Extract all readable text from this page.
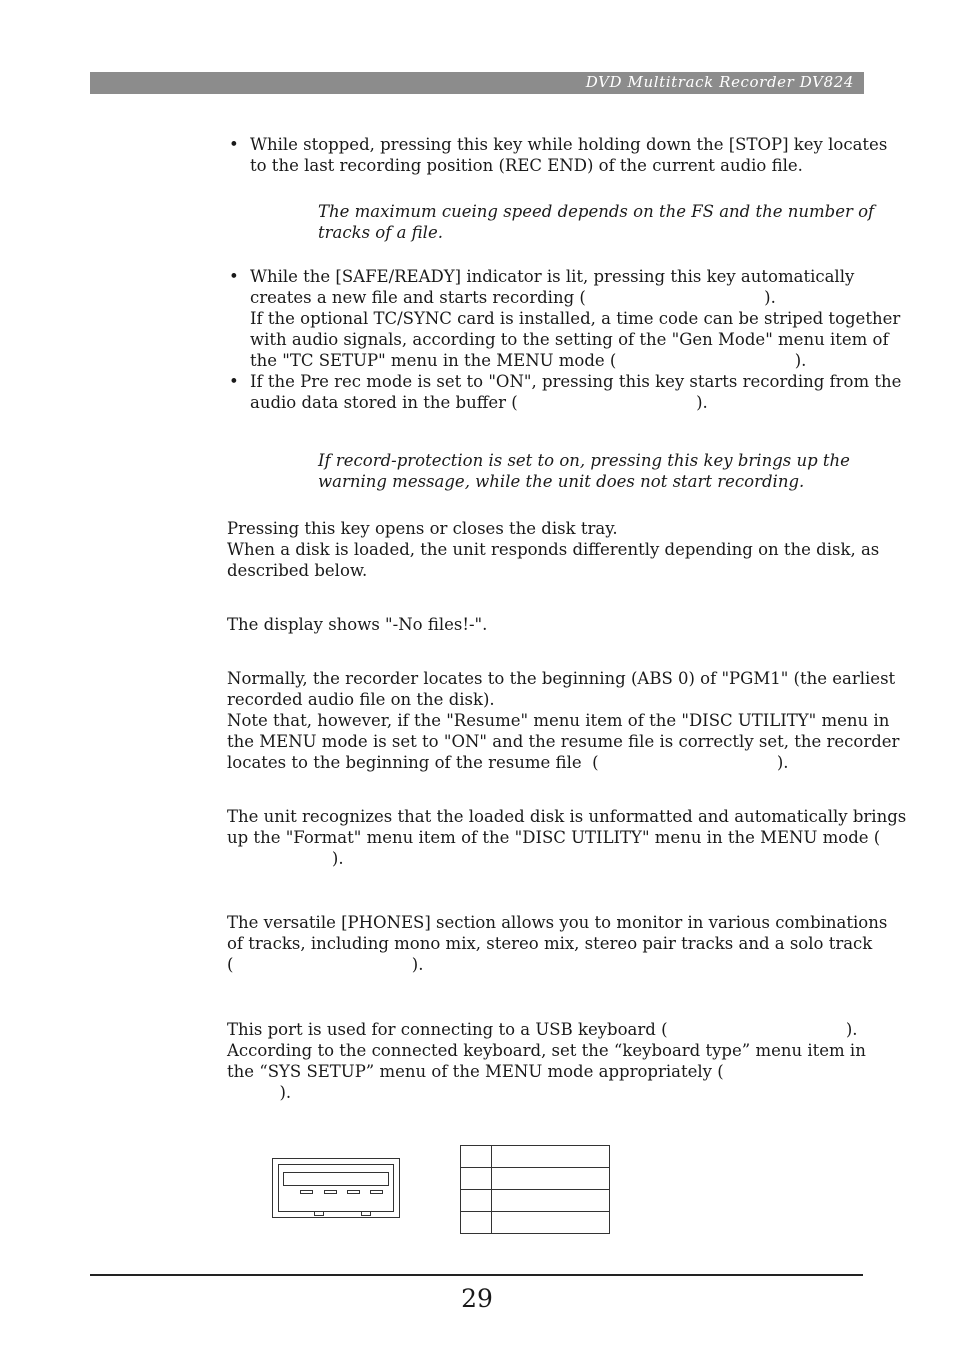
DVD Multitrack Recorder DV824
• While stopped, pressing this key while holding down the [STOP] key locates

to the last recording position (REC END) of the current audio file.

The maximum cueing speed depends on the FS and the number of

tracks of a file.

• While the [SAFE/READY] indicator is lit, pressing this key automatically

creates a new file and starts recording (                                  ).

If the optional TC/SYNC card is installed, a time code can be striped together

with audio signals, according to the setting of the "Gen Mode" menu item of

the "TC SETUP" menu in the MENU mode (                                  ).

• If the Pre rec mode is set to "ON", pressing this key starts recording from the

audio data stored in the buffer (                                  ).

If record-protection is set to on, pressing this key brings up the

warning message, while the unit does not start recording.

Pressing this key opens or closes the disk tray.

When a disk is loaded, the unit responds differently depending on the disk, as

described below.

The display shows "-No files!-".

Normally, the recorder locates to the beginning (ABS 0) of "PGM1" (the earliest

recorded audio file on the disk).

Note that, however, if the "Resume" menu item of the "DISC UTILITY" menu in

the MENU mode is set to "ON" and the resume file is correctly set, the recorder

locates to the beginning of the resume file  (                                  ).

The unit recognizes that the loaded disk is unformatted and automatically brings

up the "Format" menu item of the "DISC UTILITY" menu in the MENU mode (

).

The versatile [PHONES] section allows you to monitor in various combinations

of tracks, including mono mix, stereo mix, stereo pair tracks and a solo track

(                                  ).

This port is used for connecting to a USB keyboard (                                  ).

According to the connected keyboard, set the “keyboard type” menu item in

the “SYS SETUP” menu of the MENU mode appropriately (

).

29
